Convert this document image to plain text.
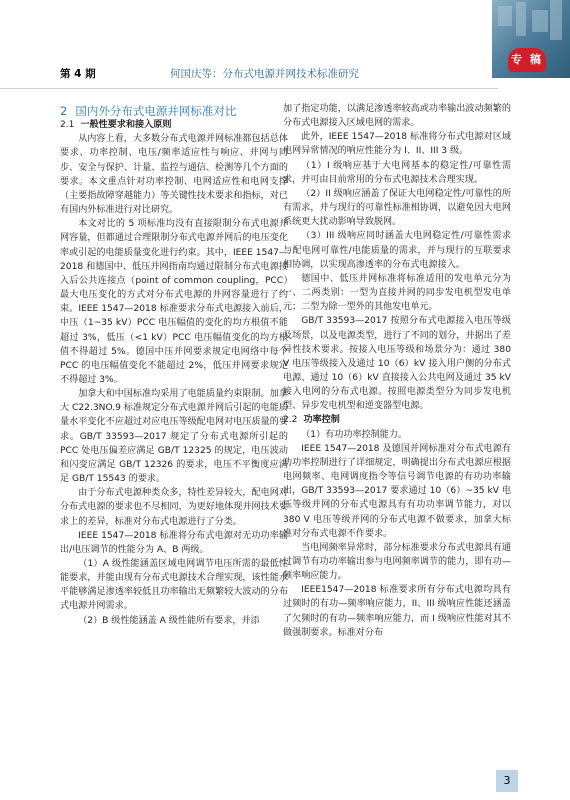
专 稿
第 4 期	何国庆等：分布式电源并网技术标准研究

2 国内外分布式电源并网标准对比

2.1 一般性要求和接入原则

从内容上看，大多数分布式电源并网标准都包括总体要求、功率控制、电压/频率适应性与响应、并网与同步、安全与保护、计量、监控与通信、检测等几个方面的要求。本文重点针对功率控制、电网适应性和电网支撑（主要指故障穿越能力）等关键性技术要求和指标，对已有国内外标准进行对比研究。

本文对比的 5 项标准均没有直接限制分布式电源并网容量，但都通过合理限制分布式电源并网后的电压变化率或引起的电能质量变化进行约束。其中，IEEE 1547—2018 和德国中、低压并网指南均通过限制分布式电源接入后公共连接点（point of common coupling，PCC）最大电压变化的方式对分布式电源的并网容量进行了约束。IEEE 1547—2018 标准要求分布式电源接入前后，中压（1~35 kV）PCC 电压幅值的变化的均方根值不能超过 3%，低压（<1 kV）PCC 电压幅值变化的均方根值不得超过 5%。德国中压并网要求规定电网络中每个 PCC 的电压幅值变化不能超过 2%，低压并网要求规定不得超过 3%。

加拿大和中国标准均采用了电能质量约束限制。加拿大 C22.3NO.9 标准规定分布式电源并网后引起的电能质量水平变化不应超过对应电压等级配电网对电压质量的要求。GB/T 33593—2017 规定了分布式电源所引起的 PCC 处电压偏差应满足 GB/T 12325 的规定，电压波动和闪变应满足 GB/T 12326 的要求，电压不平衡度应满足 GB/T 15543 的要求。

由于分布式电源种类众多，特性差异较大，配电网对分布式电源的要求也不尽相同，为更好地体现并网技术要求上的差异，标准对分布式电源进行了分类。

IEEE 1547—2018 标准将分布式电源对无功功率输出/电压调节的性能分为 A、B 两级。

（1）A 级性能涵盖区域电网调节电压所需的最低性能要求，并能由现有分布式电源技术合理实现，该性能水平能够满足渗透率较低且功率输出无频繁较大波动的分布式电源并网需求。

（2）B 级性能涵盖 A 级性能所有要求，并添

加了指定功能，以满足渗透率较高或功率输出波动频繁的分布式电源接入区域电网的需求。

此外，IEEE 1547—2018 标准将分布式电源对区域电网异常情况的响应性能分为 I、II、III 3 级。

（1）I 级响应基于大电网基本的稳定性/可靠性需求，并可由目前常用的分布式电源技术合理实现。

（2）II 级响应涵盖了保证大电网稳定性/可靠性的所有需求，并与现行的可靠性标准相协调，以避免因大电网系统更大扰动影响导致脱网。

（3）III 级响应同时涵盖大电网稳定性/可靠性需求与配电网可靠性/电能质量的需求，并与现行的互联要求相协调，以实现高渗透率的分布式电源接入。

德国中、低压并网标准将标准适用的发电单元分为一、二两类别：一型为直接并网的同步发电机型发电单元；二型为除一型外的其他发电单元。

GB/T 33593—2017 按照分布式电源接入电压等级及场景，以及电源类型，进行了不同的划分，并据出了差异性技术要求。按接入电压等级和场景分为：通过 380 V 电压等级接入及通过 10（6）kV 接入用户侧的分布式电源、通过 10（6）kV 直接接入公共电网及通过 35 kV 接入电网的分布式电源。按照电源类型分为同步发电机型、异步发电机型和逆变器型电源。

2.2 功率控制

（1）有功功率控制能力。

IEEE 1547—2018 及德国并网标准对分布式电源有功功率控制进行了详细规定，明确提出分布式电源应根据电网频率、电网调度指令等信号调节电源的有功功率输出，GB/T 33593—2017 要求通过 10（6）~35 kV 电压等级并网的分布式电源具有有功功率调节能力，对以 380 V 电压等级并网的分布式电源不做要求，加拿大标准对分布式电源不作要求。

当电网频率异常时，部分标准要求分布式电源具有通过调节有功功率输出参与电网频率调节的能力，即有功—频率响应能力。

IEEE1547—2018 标准要求所有分布式电源均具有过频时的有功—频率响应能力，II、III 级响应性能还涵盖了欠频时的有功—频率响应能力，而 I 级响应性能对其不做强制要求。标准对分布

3
